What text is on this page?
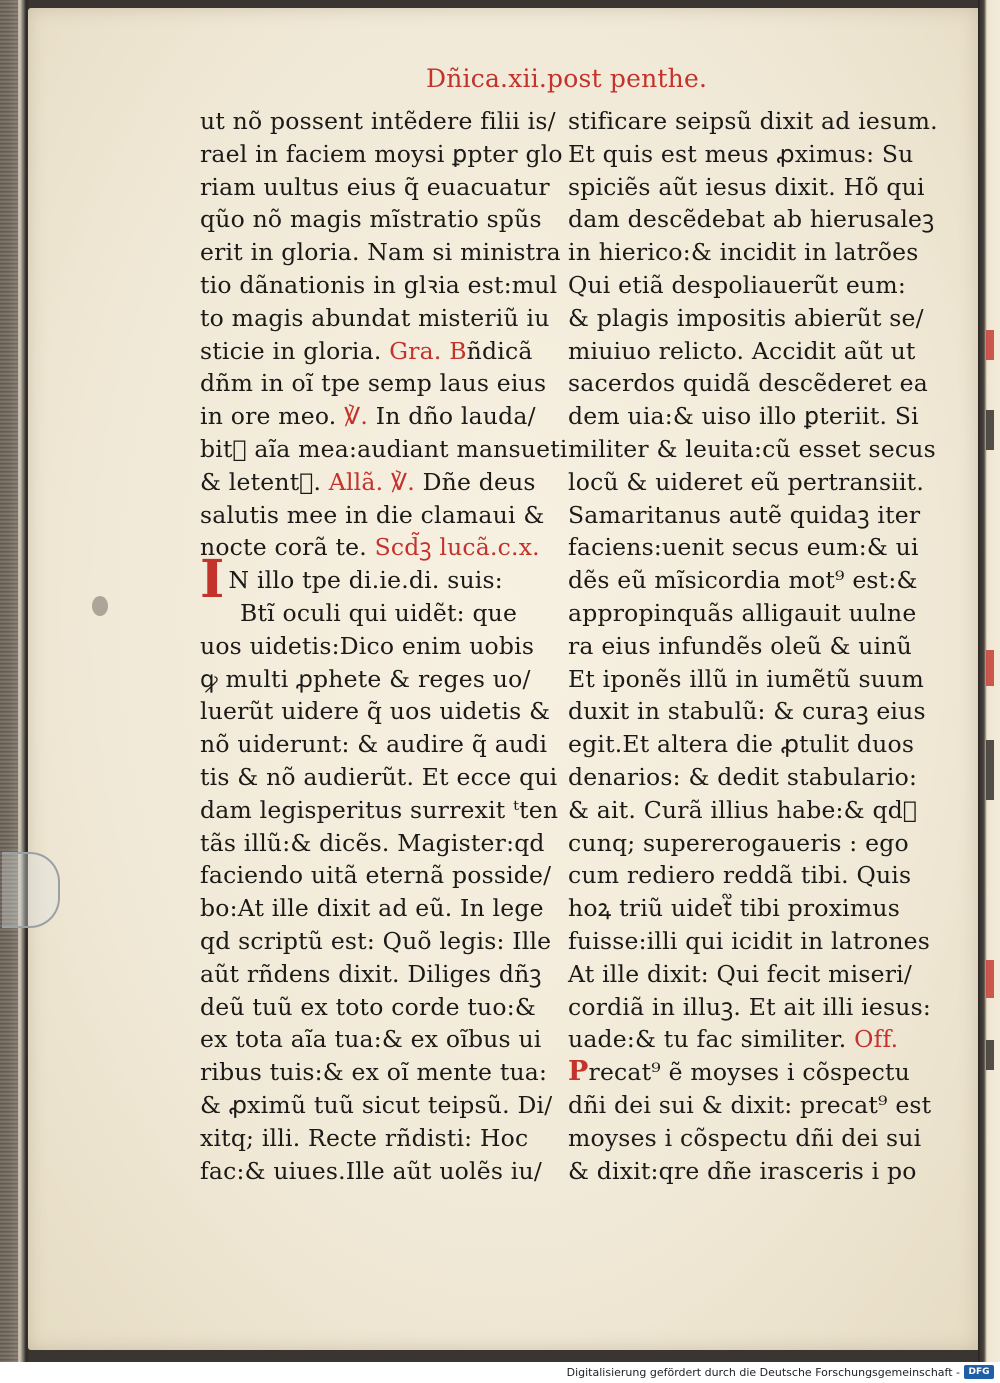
Dñica.xii.post penthe.
ut nõ possent intẽdere filii is/
rael in faciem moysi ꝑpter glo
riam uultus eius q̃ euacuatur
qũo nõ magis mĩstratio spũs
erit in gloria. Nam si ministra
tio dãnationis in glꝛia est:mul
to magis abundat misteriũ iu
sticie in gloria. Gra. Bñdicã
dñm in oĩ tpe semp laus eius
in ore meo. ℣. In dño lauda/
bit᷑ aĩa mea:audiant mansueti
& letent᷑. Allã. ℣. Dñe deus
salutis mee in die clamaui &
nocte corã te. Scd̃ꝫ lucã.c.x.
I N illo tpe di.ie.di. suis:
Btĩ oculi qui uidẽt: que
uos uidetis:Dico enim uobis
ꝙ multi ꝓphete & reges uo/
luerũt uidere q̃ uos uidetis &
nõ uiderunt: & audire q̃ audi
tis & nõ audierũt. Et ecce qui
dam legisperitus surrexit ᵗten
tãs illũ:& dicẽs. Magister:qd
faciendo uitã eternã posside/
bo:At ille dixit ad eũ. In lege
qd scriptũ est: Quõ legis: Ille
aũt rñdens dixit. Diliges dñꝫ
deũ tuũ ex toto corde tuo:&
ex tota aĩa tua:& ex oĩbus ui
ribus tuis:& ex oĩ mente tua:
& ꝓximũ tuũ sicut teipsũ. Di/
xitq; illi. Recte rñdisti: Hoc
fac:& uiues.Ille aũt uolẽs iu/
stificare seipsũ dixit ad iesum.
Et quis est meus ꝓximus: Su
spiciẽs aũt iesus dixit. Hõ qui
dam descẽdebat ab hierusaleꝫ
in hierico:& incidit in latrões
Qui etiã despoliauerũt eum:
& plagis impositis abierũt se/
miuiuo relicto. Accidit aũt ut
sacerdos quidã descẽderet ea
dem uia:& uiso illo ꝑteriit. Si
militer & leuita:cũ esset secus
locũ & uideret eũ pertransiit.
Samaritanus autẽ quidaꝫ iter
faciens:uenit secus eum:& ui
dẽs eũ mĩsicordia mot⁹ est:&
appropinquãs alligauit uulne
ra eius infundẽs oleũ & uinũ
Et iponẽs illũ in iumẽtũ suum
duxit in stabulũ: & curaꝫ eius
egit.Et altera die ꝓtulit duos
denarios: & dedit stabulario:
& ait. Curã illius habe:& qd᷑
cunq; supererogaueris : ego
cum rediero reddã tibi. Quis
hoꝝ triũ uidet᷑ tibi proximus
fuisse:illi qui icidit in latrones
At ille dixit: Qui fecit miseri/
cordiã in illuꝫ. Et ait illi iesus:
uade:& tu fac similiter. Off.
Precat⁹ ẽ moyses i cõspectu
dñi dei sui & dixit: precat⁹ est
moyses i cõspectu dñi dei sui
& dixit:qre dñe irasceris i po
Digitalisierung gefördert durch die Deutsche Forschungsgemeinschaft - DFG
